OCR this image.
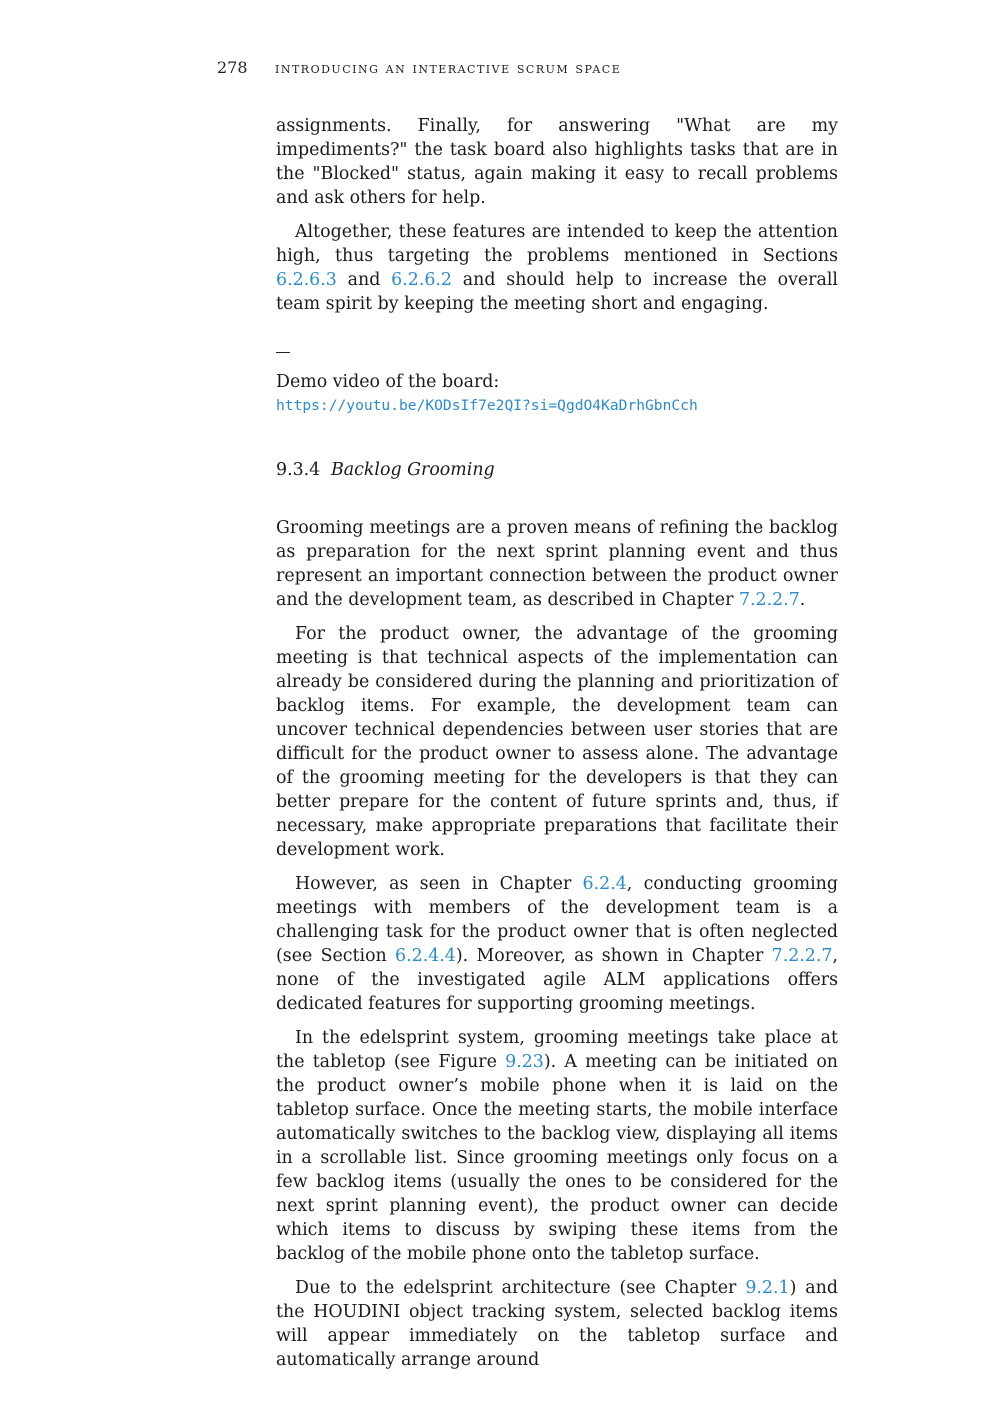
278 introducing an interactive scrum space

assignments. Finally, for answering "What are my impediments?" the task board also highlights tasks that are in the "Blocked" status, again making it easy to recall problems and ask others for help.

Altogether, these features are intended to keep the attention high, thus targeting the problems mentioned in Sections 6.2.6.3 and 6.2.6.2 and should help to increase the overall team spirit by keeping the meeting short and engaging.

Demo video of the board:
https://youtu.be/KODsIf7e2QI?si=QgdO4KaDrhGbnCch
9.3.4 Backlog Grooming

Grooming meetings are a proven means of refining the backlog as preparation for the next sprint planning event and thus represent an important connection between the product owner and the development team, as described in Chapter 7.2.2.7.

For the product owner, the advantage of the grooming meeting is that technical aspects of the implementation can already be considered during the planning and prioritization of backlog items. For example, the development team can uncover technical dependencies between user stories that are difficult for the product owner to assess alone. The advantage of the grooming meeting for the developers is that they can better prepare for the content of future sprints and, thus, if necessary, make appropriate preparations that facilitate their development work.

However, as seen in Chapter 6.2.4, conducting grooming meetings with members of the development team is a challenging task for the product owner that is often neglected (see Section 6.2.4.4). Moreover, as shown in Chapter 7.2.2.7, none of the investigated agile ALM applications offers dedicated features for supporting grooming meetings.

In the edelsprint system, grooming meetings take place at the tabletop (see Figure 9.23). A meeting can be initiated on the product owner’s mobile phone when it is laid on the tabletop surface. Once the meeting starts, the mobile interface automatically switches to the backlog view, displaying all items in a scrollable list. Since grooming meetings only focus on a few backlog items (usually the ones to be considered for the next sprint planning event), the product owner can decide which items to discuss by swiping these items from the backlog of the mobile phone onto the tabletop surface.

Due to the edelsprint architecture (see Chapter 9.2.1) and the HOUDINI object tracking system, selected backlog items will appear immediately on the tabletop surface and automatically arrange around
